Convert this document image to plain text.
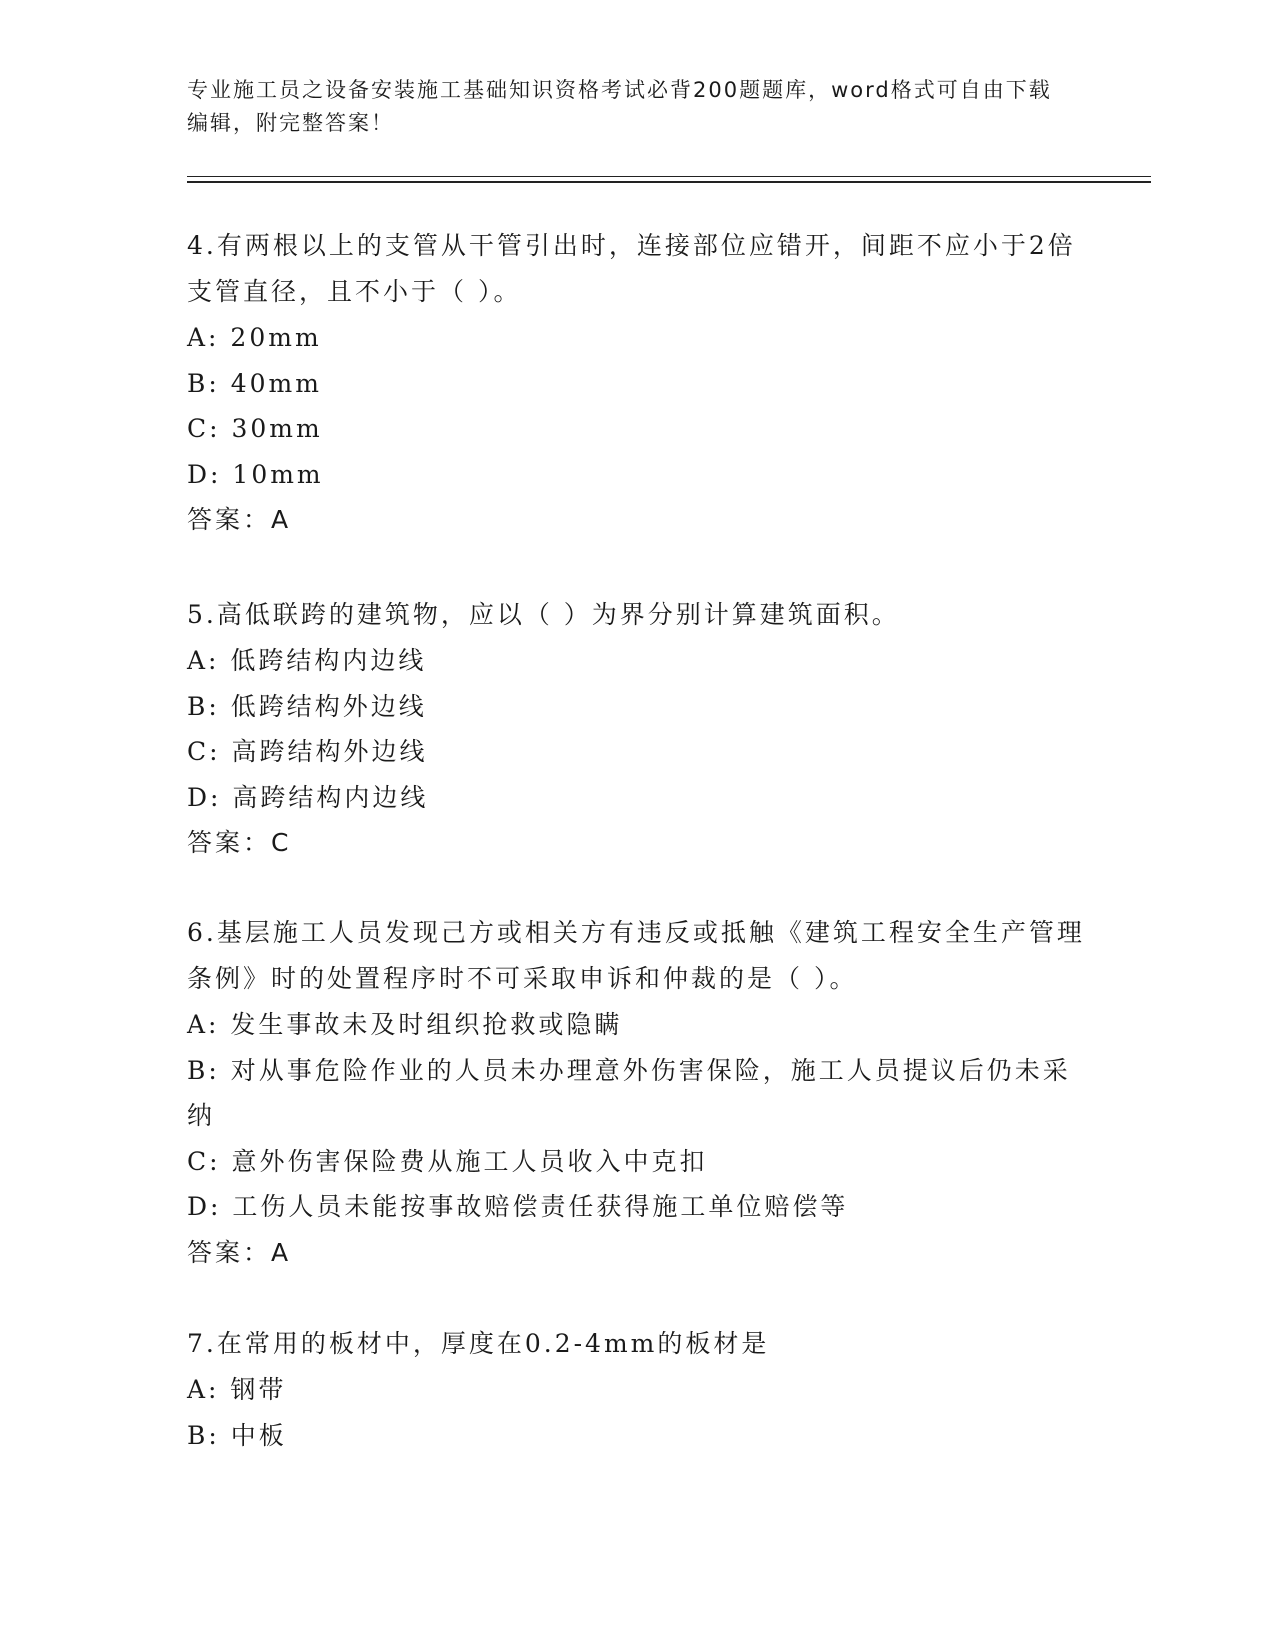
专业施工员之设备安装施工基础知识资格考试必背200题题库，word格式可自由下载编辑，附完整答案！

4.有两根以上的支管从干管引出时，连接部位应错开，间距不应小于2倍支管直径，且不小于（ ）。

A: 20mm

B: 40mm

C: 30mm

D: 10mm

答案：A

5.高低联跨的建筑物，应以（ ）为界分别计算建筑面积。

A: 低跨结构内边线

B: 低跨结构外边线

C: 高跨结构外边线

D: 高跨结构内边线

答案：C

6.基层施工人员发现己方或相关方有违反或抵触《建筑工程安全生产管理条例》时的处置程序时不可采取申诉和仲裁的是（ ）。

A: 发生事故未及时组织抢救或隐瞒

B: 对从事危险作业的人员未办理意外伤害保险，施工人员提议后仍未采纳

C: 意外伤害保险费从施工人员收入中克扣

D: 工伤人员未能按事故赔偿责任获得施工单位赔偿等

答案：A

7.在常用的板材中，厚度在0.2-4mm的板材是

A: 钢带

B: 中板
